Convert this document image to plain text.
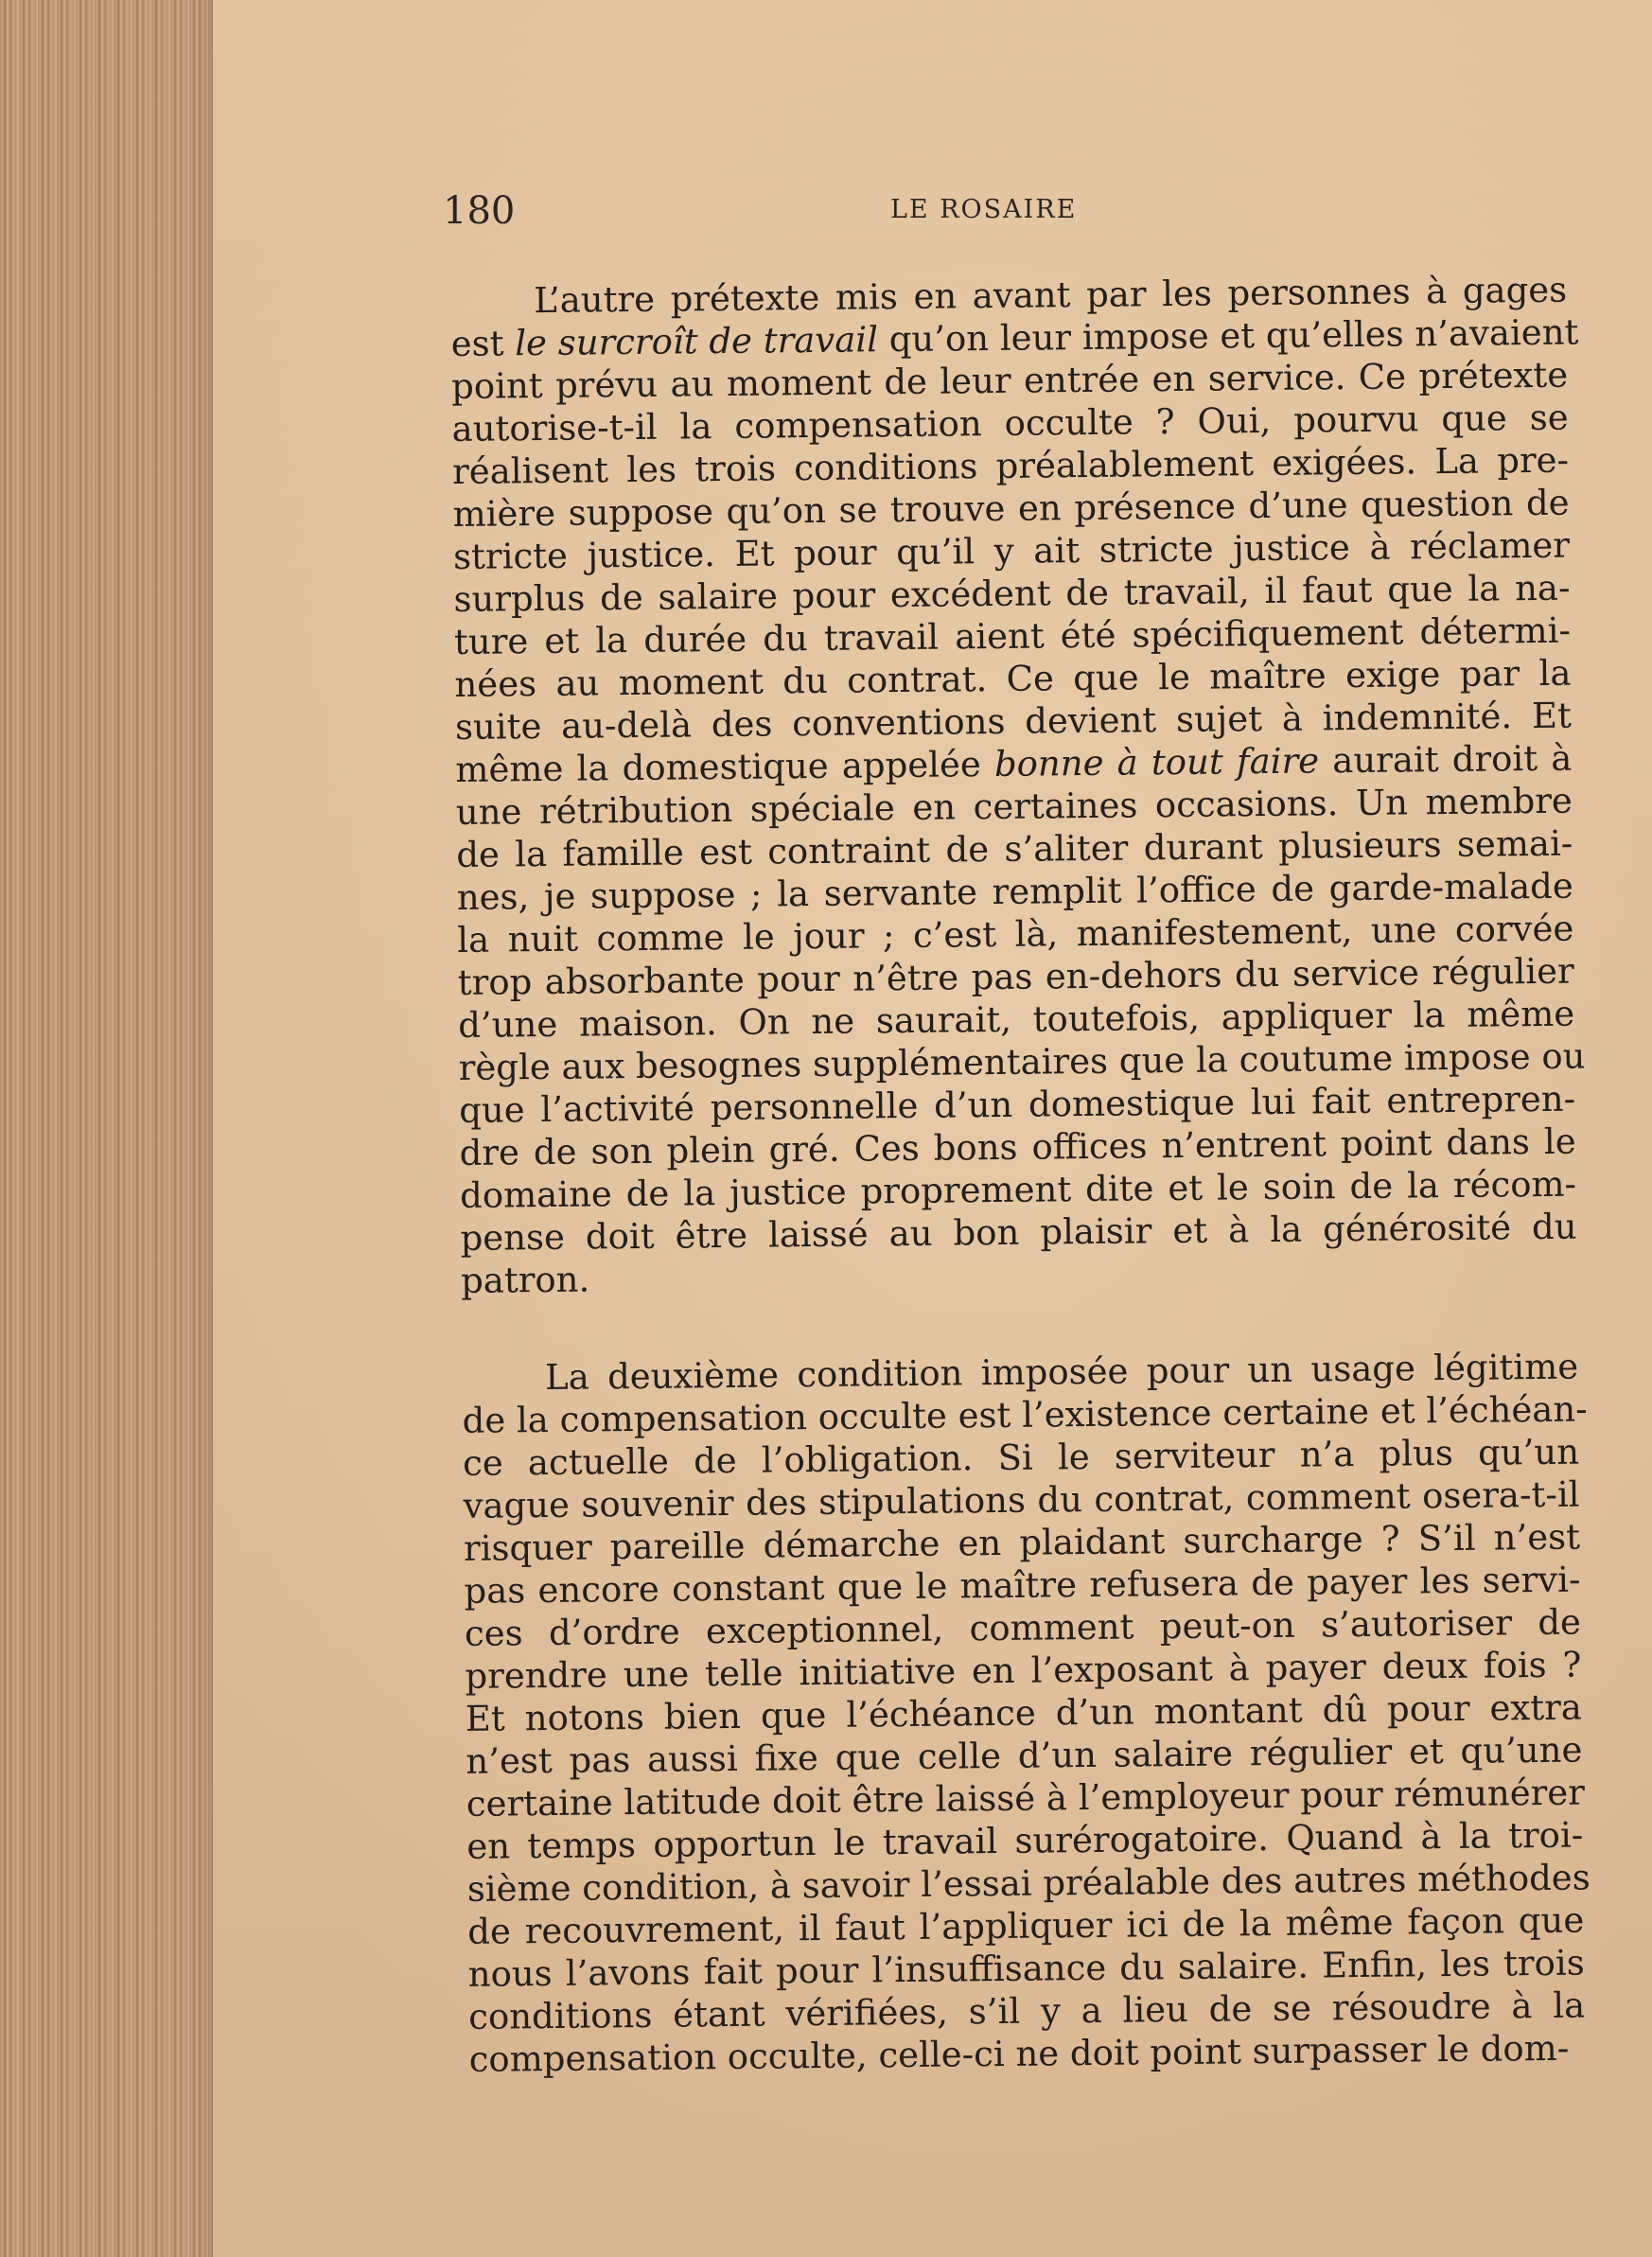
180	LE ROSAIRE
L’autre prétexte mis en avant par les personnes à gages
est le surcroît de travail qu’on leur impose et qu’elles n’avaient
point prévu au moment de leur entrée en service. Ce prétexte
autorise-t-il la compensation occulte ? Oui, pourvu que se
réalisent les trois conditions préalablement exigées. La pre-
mière suppose qu’on se trouve en présence d’une question de
stricte justice. Et pour qu’il y ait stricte justice à réclamer
surplus de salaire pour excédent de travail, il faut que la na-
ture et la durée du travail aient été spécifiquement détermi-
nées au moment du contrat. Ce que le maître exige par la
suite au-delà des conventions devient sujet à indemnité. Et
même la domestique appelée bonne à tout faire aurait droit à
une rétribution spéciale en certaines occasions. Un membre
de la famille est contraint de s’aliter durant plusieurs semai-
nes, je suppose ; la servante remplit l’office de garde-malade
la nuit comme le jour ; c’est là, manifestement, une corvée
trop absorbante pour n’être pas en-dehors du service régulier
d’une maison. On ne saurait, toutefois, appliquer la même
règle aux besognes supplémentaires que la coutume impose ou
que l’activité personnelle d’un domestique lui fait entrepren-
dre de son plein gré. Ces bons offices n’entrent point dans le
domaine de la justice proprement dite et le soin de la récom-
pense doit être laissé au bon plaisir et à la générosité du
patron.
La deuxième condition imposée pour un usage légitime
de la compensation occulte est l’existence certaine et l’échéan-
ce actuelle de l’obligation. Si le serviteur n’a plus qu’un
vague souvenir des stipulations du contrat, comment osera-t-il
risquer pareille démarche en plaidant surcharge ? S’il n’est
pas encore constant que le maître refusera de payer les servi-
ces d’ordre exceptionnel, comment peut-on s’autoriser de
prendre une telle initiative en l’exposant à payer deux fois ?
Et notons bien que l’échéance d’un montant dû pour extra
n’est pas aussi fixe que celle d’un salaire régulier et qu’une
certaine latitude doit être laissé à l’employeur pour rémunérer
en temps opportun le travail surérogatoire. Quand à la troi-
sième condition, à savoir l’essai préalable des autres méthodes
de recouvrement, il faut l’appliquer ici de la même façon que
nous l’avons fait pour l’insuffisance du salaire. Enfin, les trois
conditions étant vérifiées, s’il y a lieu de se résoudre à la
compensation occulte, celle-ci ne doit point surpasser le dom-
